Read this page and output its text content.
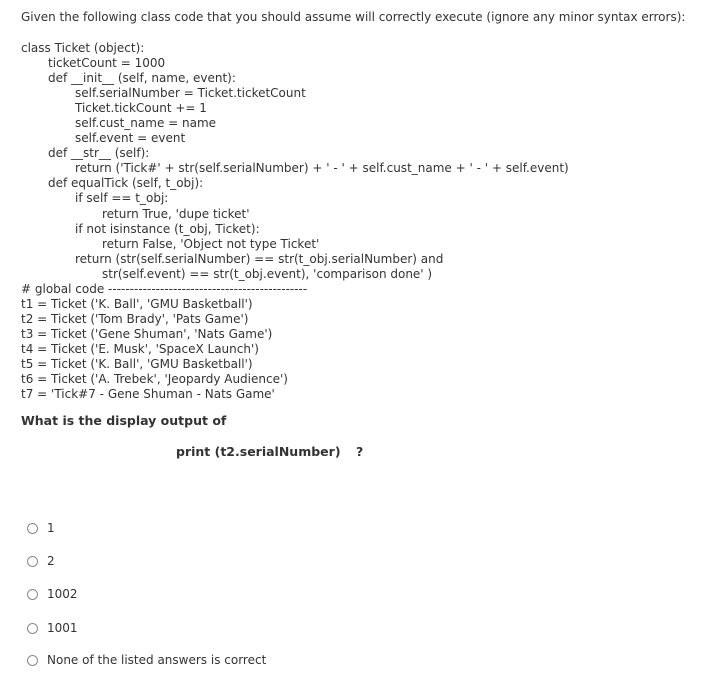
Given the following class code that you should assume will correctly execute (ignore any minor syntax errors):
class Ticket (object):
ticketCount = 1000
def __init__ (self, name, event):
self.serialNumber = Ticket.ticketCount
Ticket.tickCount += 1
self.cust_name = name
self.event = event
def __str__ (self):
return ('Tick#' + str(self.serialNumber) + ' - ' + self.cust_name + ' - ' + self.event)
def equalTick (self, t_obj):
if self == t_obj:
return True, 'dupe ticket'
if not isinstance (t_obj, Ticket):
return False, 'Object not type Ticket'
return (str(self.serialNumber) == str(t_obj.serialNumber) and
str(self.event) == str(t_obj.event), 'comparison done' )
# global code ----------------------------------------------
t1 = Ticket ('K. Ball', 'GMU Basketball')
t2 = Ticket ('Tom Brady', 'Pats Game')
t3 = Ticket ('Gene Shuman', 'Nats Game')
t4 = Ticket ('E. Musk', 'SpaceX Launch')
t5 = Ticket ('K. Ball', 'GMU Basketball')
t6 = Ticket ('A. Trebek', 'Jeopardy Audience')
t7 = 'Tick#7 - Gene Shuman - Nats Game'
What is the display output of
print (t2.serialNumber) ?
1
2
1002
1001
None of the listed answers is correct
